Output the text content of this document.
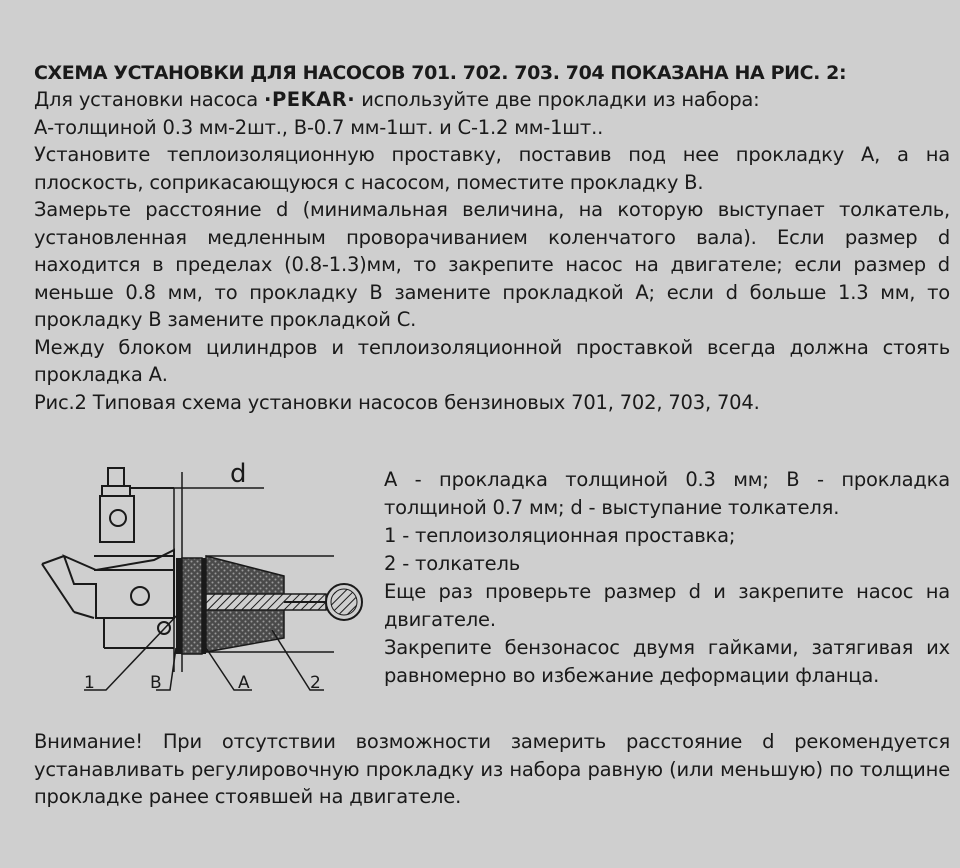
СХЕМА УСТАНОВКИ ДЛЯ НАСОСОВ 701. 702. 703. 704 ПОКАЗАНА НА РИС. 2:
Для установки насоса ·PEKAR· используйте две прокладки из набора:
А-толщиной 0.3 мм-2шт., В-0.7 мм-1шт. и С-1.2 мм-1шт..
Установите теплоизоляционную проставку, поставив под нее прокладку А, а на плоскость, соприкасающуюся с насосом, поместите прокладку В.
Замерьте расстояние d (минимальная величина, на которую выступает толкатель, установленная медленным проворачиванием коленчатого вала). Если размер d находится в пределах (0.8-1.3)мм, то закрепите насос на двигателе; если размер d меньше 0.8 мм, то прокладку В замените прокладкой А; если d больше 1.3 мм, то прокладку В замените прокладкой С.
Между блоком цилиндров и теплоизоляционной проставкой всегда должна стоять прокладка А.
Рис.2 Типовая схема установки насосов бензиновых 701, 702, 703, 704.
d
1	B	A	2
А - прокладка толщиной 0.3 мм; В - прокладка толщиной 0.7 мм; d - выступание толкателя.
1 - теплоизоляционная проставка;
2 - толкатель
Еще раз проверьте размер d и закрепите насос на двигателе.
Закрепите бензонасос двумя гайками, затягивая их равномерно во избежание деформации фланца.
Внимание! При отсутствии возможности замерить расстояние d рекомендуется устанавливать регулировочную прокладку из набора равную (или меньшую) по толщине прокладке ранее стоявшей на двигателе.
